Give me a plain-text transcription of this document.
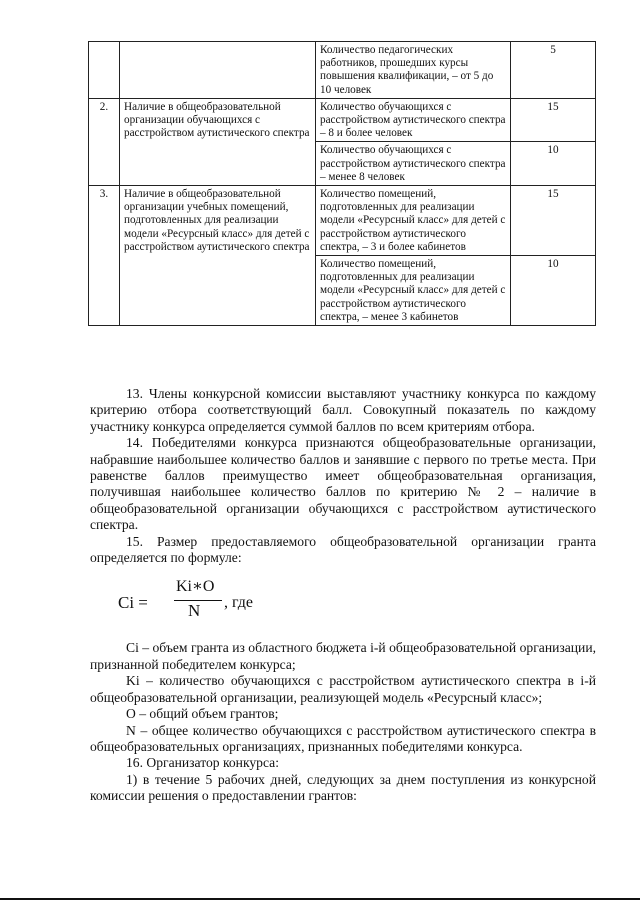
		Количество педагогических работников, прошедших курсы повышения квалификации, – от 5 до 10 человек	5
2.	Наличие в общеобразовательной организации обучающихся с расстройством аутистического спектра	Количество обучающихся с расстройством аутистического спектра – 8 и более человек	15
		Количество обучающихся с расстройством аутистического спектра – менее 8 человек	10
3.	Наличие в общеобразовательной организации учебных помещений, подготовленных для реализации модели «Ресурсный класс» для детей с расстройством аутистического спектра	Количество помещений, подготовленных для реализации модели «Ресурсный класс» для детей с расстройством аутистического спектра, – 3 и более кабинетов	15
		Количество помещений, подготовленных для реализации модели «Ресурсный класс» для детей с расстройством аутистического спектра, – менее 3 кабинетов	10

13. Члены конкурсной комиссии выставляют участнику конкурса по каждому критерию отбора соответствующий балл. Совокупный показатель по каждому участнику конкурса определяется суммой баллов по всем критериям отбора.

14. Победителями конкурса признаются общеобразовательные организации, набравшие наибольшее количество баллов и занявшие с первого по третье места. При равенстве баллов преимущество имеет общеобразовательная организация, получившая наибольшее количество баллов по критерию № 2 – наличие в общеобразовательной организации обучающихся с расстройством аутистического спектра.

15. Размер предоставляемого общеобразовательной организации гранта определяется по формуле:

Ci =
Ki∗O
N , где

Ci – объем гранта из областного бюджета i-й общеобразовательной организации, признанной победителем конкурса;

Ki – количество обучающихся с расстройством аутистического спектра в i-й общеобразовательной организации, реализующей модель «Ресурсный класс»;

О – общий объем грантов;

N – общее количество обучающихся с расстройством аутистического спектра в общеобразовательных организациях, признанных победителями конкурса.

16. Организатор конкурса:

1) в течение 5 рабочих дней, следующих за днем поступления из конкурсной комиссии решения о предоставлении грантов:
